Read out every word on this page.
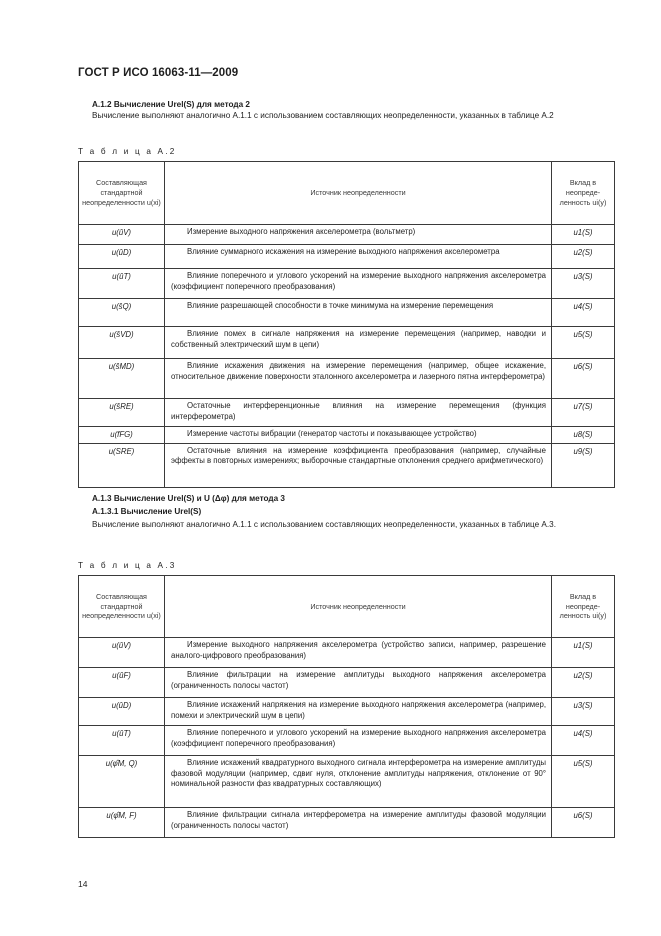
ГОСТ Р ИСО 16063-11—2009
А.1.2 Вычисление Urel(S) для метода 2
Вычисление выполняют аналогично А.1.1 с использованием составляющих неопределенности, указанных в таблице А.2
Т а б л и ц а А.2
Составляющая стандартной неопределенности u(xi)	Источник неопределенности	Вклад в неопреде-ленность ui(y)
u(ûV)	Измерение выходного напряжения акселерометра (вольтметр)	u1(S)
u(ûD)	Влияние суммарного искажения на измерение выходного напряжения акселерометра	u2(S)
u(ûT)	Влияние поперечного и углового ускорений на измерение выходного напряжения акселерометра (коэффициент поперечного преобразования)	u3(S)
u(ŝQ)	Влияние разрешающей способности в точке минимума на измерение перемещения	u4(S)
u(ŝVD)	Влияние помех в сигнале напряжения на измерение перемещения (например, наводки и собственный электрический шум в цепи)	u5(S)
u(ŝMD)	Влияние искажения движения на измерение перемещения (например, общее искажение, относительное движение поверхности эталонного акселерометра и лазерного пятна интерферометра)	u6(S)
u(ŝRE)	Остаточные интерференционные влияния на измерение перемещения (функция интерферометра)	u7(S)
u(fFG)	Измерение частоты вибрации (генератор частоты и показывающее устройство)	u8(S)
u(SRE)	Остаточные влияния на измерение коэффициента преобразования (например, случайные эффекты в повторных измерениях; выборочные стандартные отклонения среднего арифметического)	u9(S)
А.1.3 Вычисление Urel(S) и U (Δφ) для метода 3
А.1.3.1 Вычисление Urel(S)
Вычисление выполняют аналогично А.1.1 с использованием составляющих неопределенности, указанных в таблице А.3.
Т а б л и ц а А.3
Составляющая стандартной неопределенности u(xi)	Источник неопределенности	Вклад в неопреде-ленность ui(y)
u(ûV)	Измерение выходного напряжения акселерометра (устройство записи, например, разрешение аналого-цифрового преобразования)	u1(S)
u(ûF)	Влияние фильтрации на измерение амплитуды выходного напряжения акселерометра (ограниченность полосы частот)	u2(S)
u(ûD)	Влияние искажений напряжения на измерение выходного напряжения акселерометра (например, помехи и электрический шум в цепи)	u3(S)
u(ûT)	Влияние поперечного и углового ускорений на измерение выходного напряжения акселерометра (коэффициент поперечного преобразования)	u4(S)
u(φ̂M, Q)	Влияние искажений квадратурного выходного сигнала интерферометра на измерение амплитуды фазовой модуляции (например, сдвиг нуля, отклонение амплитуды напряжения, отклонение от 90° номинальной разности фаз квадратурных составляющих)	u5(S)
u(φ̂M, F)	Влияние фильтрации сигнала интерферометра на измерение амплитуды фазовой модуляции (ограниченность полосы частот)	u6(S)
14
